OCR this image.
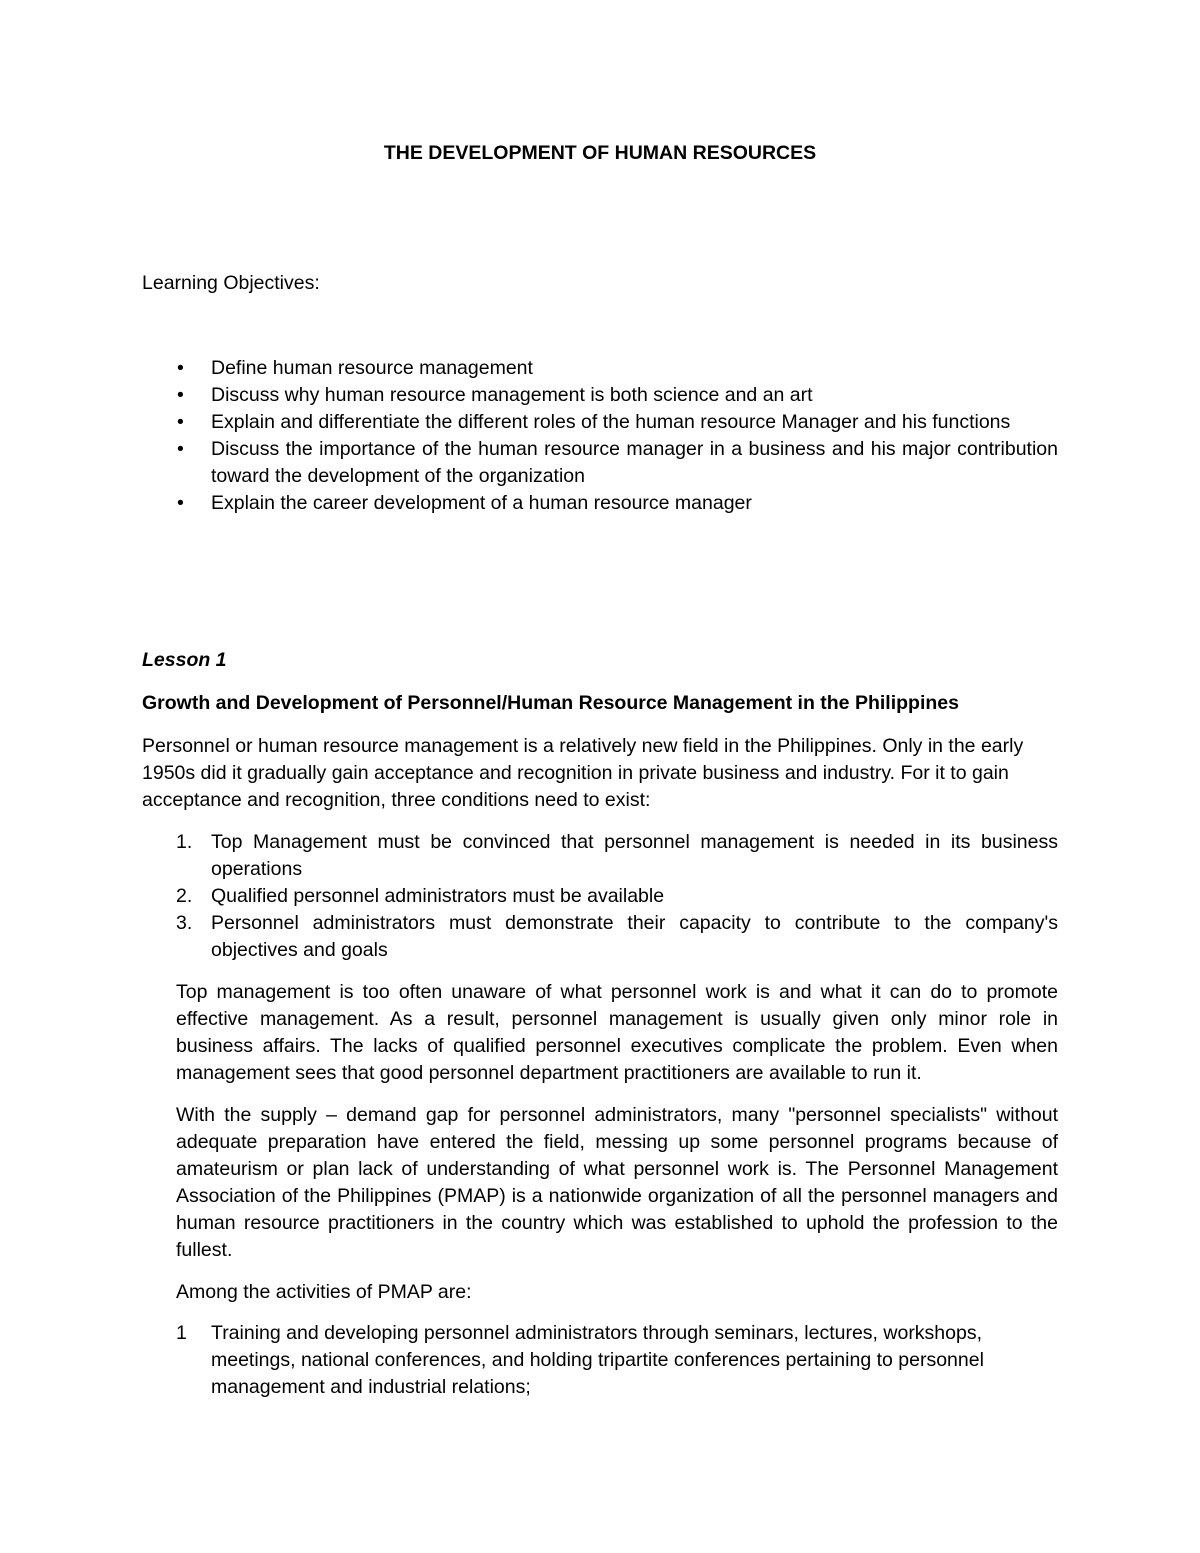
THE DEVELOPMENT OF HUMAN RESOURCES

Learning Objectives:

• Define human resource management
• Discuss why human resource management is both science and an art
• Explain and differentiate the different roles of the human resource Manager and his functions
• Discuss the importance of the human resource manager in a business and his major contribution toward the development of the organization
• Explain the career development of a human resource manager

Lesson 1

Growth and Development of Personnel/Human Resource Management in the Philippines

Personnel or human resource management is a relatively new field in the Philippines. Only in the early 1950s did it gradually gain acceptance and recognition in private business and industry. For it to gain acceptance and recognition, three conditions need to exist:

1. Top Management must be convinced that personnel management is needed in its business operations
2. Qualified personnel administrators must be available
3. Personnel administrators must demonstrate their capacity to contribute to the company's objectives and goals

Top management is too often unaware of what personnel work is and what it can do to promote effective management. As a result, personnel management is usually given only minor role in business affairs. The lacks of qualified personnel executives complicate the problem. Even when management sees that good personnel department practitioners are available to run it.

With the supply – demand gap for personnel administrators, many "personnel specialists" without adequate preparation have entered the field, messing up some personnel programs because of amateurism or plan lack of understanding of what personnel work is. The Personnel Management Association of the Philippines (PMAP) is a nationwide organization of all the personnel managers and human resource practitioners in the country which was established to uphold the profession to the fullest.

Among the activities of PMAP are:

1 Training and developing personnel administrators through seminars, lectures, workshops, meetings, national conferences, and holding tripartite conferences pertaining to personnel management and industrial relations;
